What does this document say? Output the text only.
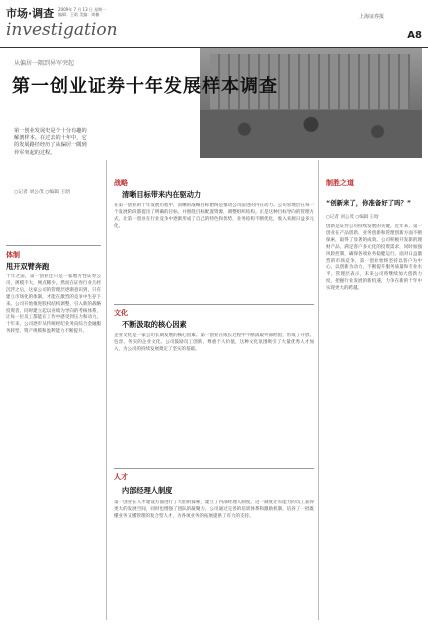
市场·调查
investigation
2009年 7 月 13 日 星期一
编辑：王晗 美编：周楠	上海证券报
A8
从偏居一隅到异军突起
第一创业证券十年发展样本调查
第一创业发展史是个十分有趣的解剖样本。在过去的十年中，它的发展路径经历了从偏居一隅到异军突起的过程。
○记者 刘公茂 ○编辑 王晗
体制
甩开双臂奔跑
十年之前，第一创业还只是一家地方性证券公司，规模不大，网点稀少。然而在证券行业几经沉浮之后，这家公司的管理层逐渐意识到，只有建立市场化的体制，才能在激烈的竞争中生存下来。公司开始推进股权结构调整，引入新的战略投资者，同时建立起以业绩为导向的考核体系，让每一位员工都能在工作中感受到压力和动力。十年来，公司逐步从传统经纪业务向综合金融服务转型，资产规模和盈利能力不断提升。
战略
清晰目标带来内在驱动力
在第一创业的十年发展历程中，清晰的战略目标始终是推动公司前进的内在动力。公司管理层在每一个发展阶段都提出了明确的目标，并围绕目标配置资源，调整组织结构。正是这种目标导向的管理方式，让第一创业在行业竞争中逐渐形成了自己的特色和优势，业务结构不断优化，收入来源日益多元化。
文化
不断汲取的核心因素
企业文化是一家公司长期发展的核心因素。第一创业在成长过程中不断汲取外部经验，形成了开放、包容、务实的企业文化。公司鼓励员工创新，尊重个人价值，这种文化氛围吸引了大量优秀人才加入，为公司的持续发展奠定了坚实的基础。
人才
内部经理人制度
第一创业在人才建设方面进行了大胆的探索，建立了内部经理人制度。这一制度让有能力的员工获得更大的发展空间，同时也增强了团队的凝聚力。公司通过完善的培训体系和激励机制，培养了一批既懂业务又懂管理的复合型人才，为各项业务的拓展提供了有力的支持。
制胜之道
“创新来了，你准备好了吗？”
○记者 刘公茂 ○编辑 王晗
创新是证券公司持续发展的关键。近年来，第一创业在产品创新、业务创新和管理创新方面不断探索，取得了显著的成效。公司积极开发新的理财产品，满足客户多元化的投资需求，同时加强风险控制，确保各项业务稳健运行。面对日益激烈的市场竞争，第一创业始终坚持以客户为中心，以创新为动力，不断提升服务质量和专业水平。管理层表示，未来公司将继续加大创新力度，把握行业发展的新机遇，力争在新的十年中实现更大的跨越。
